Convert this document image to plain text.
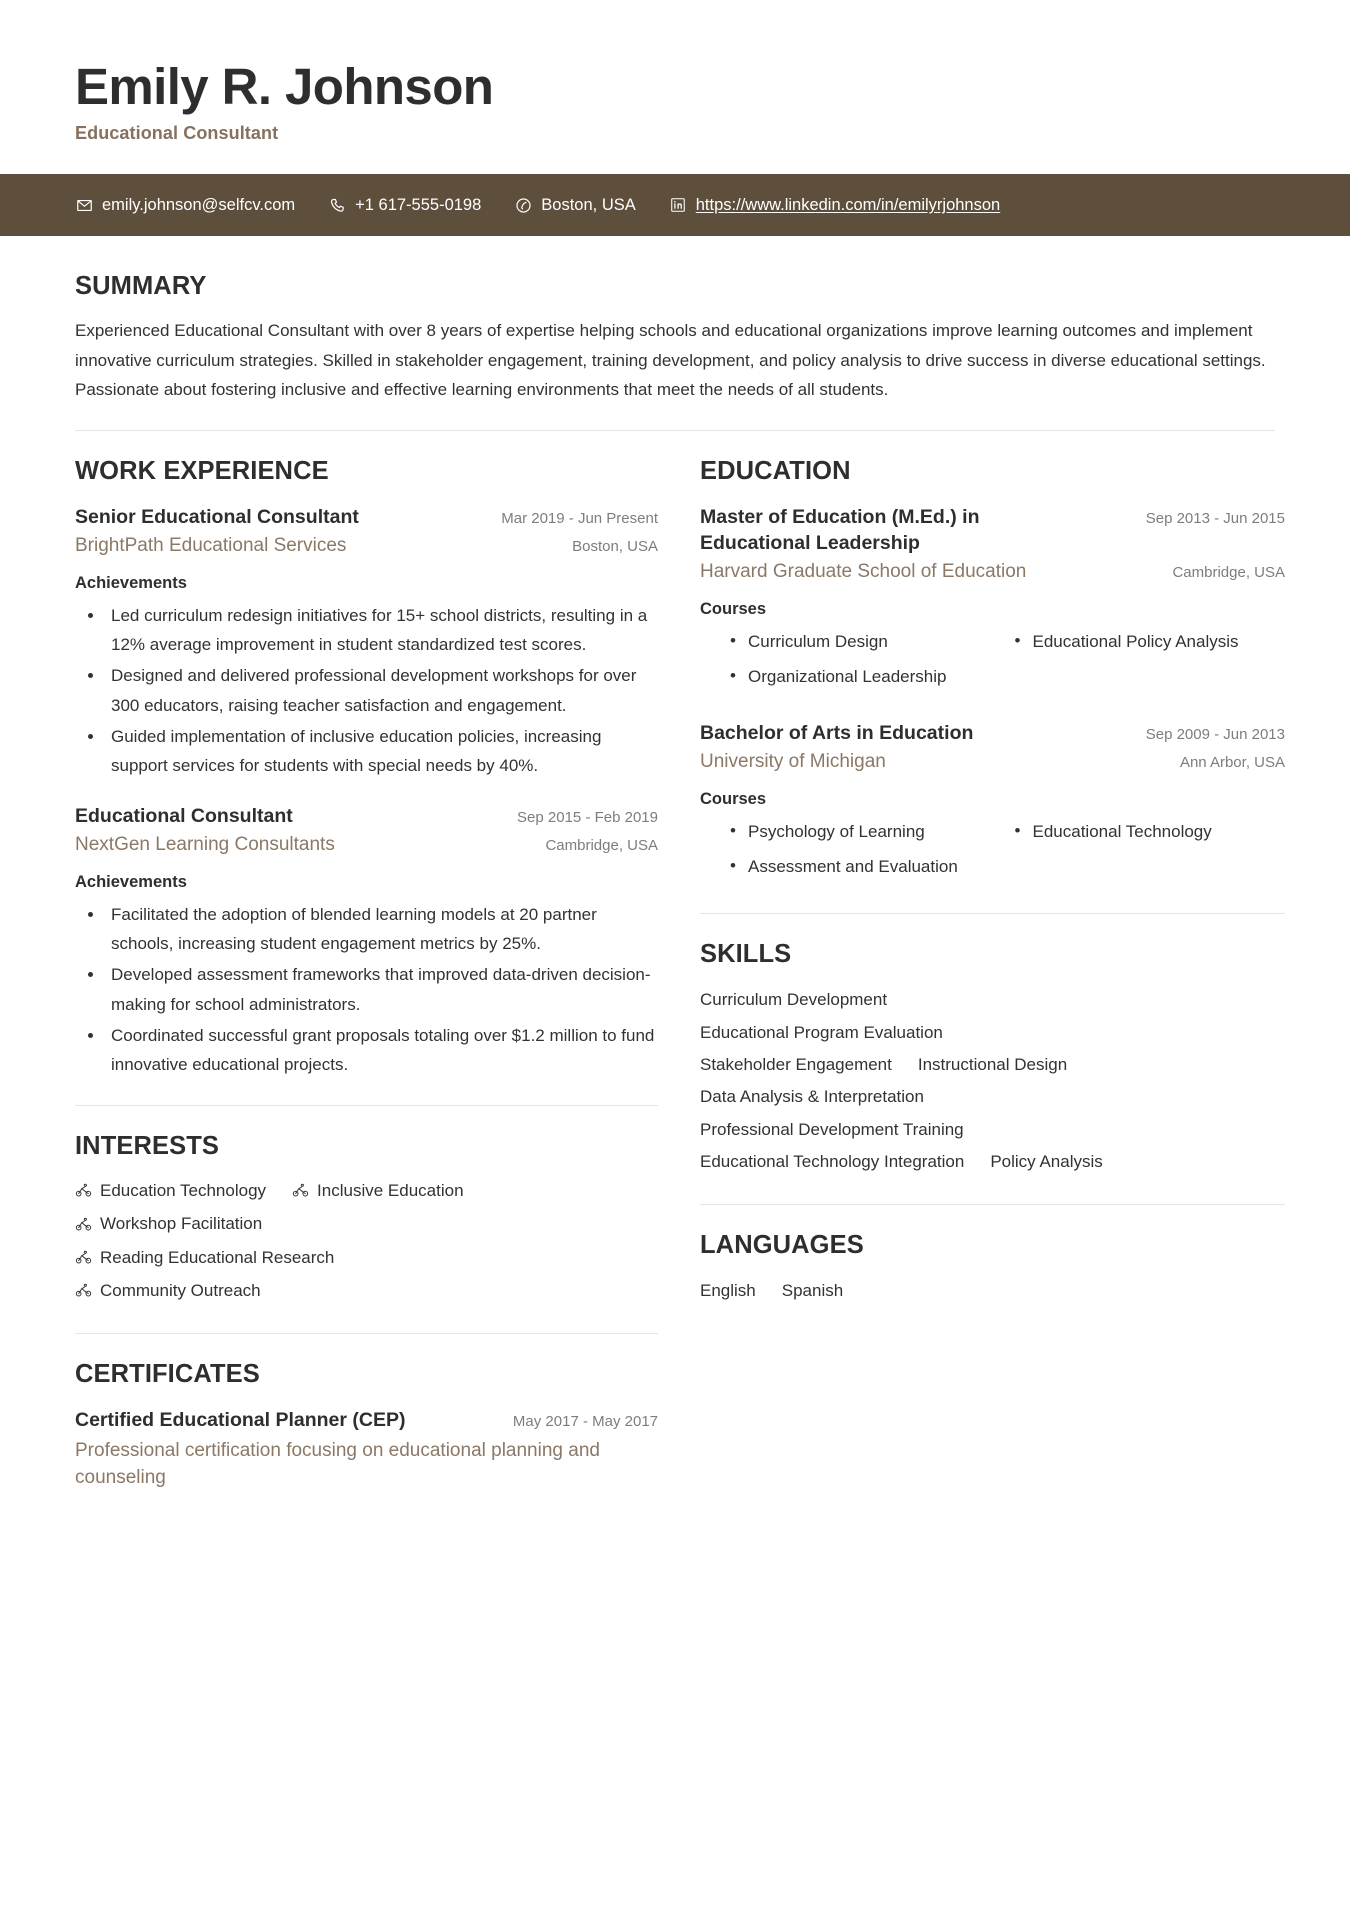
Emily R. Johnson
Educational Consultant
emily.johnson@selfcv.com	+1 617-555-0198	Boston, USA	https://www.linkedin.com/in/emilyrjohnson
SUMMARY

Experienced Educational Consultant with over 8 years of expertise helping schools and educational organizations improve learning outcomes and implement innovative curriculum strategies. Skilled in stakeholder engagement, training development, and policy analysis to drive success in diverse educational settings. Passionate about fostering inclusive and effective learning environments that meet the needs of all students.

WORK EXPERIENCE
Senior Educational Consultant	Mar 2019 - Jun Present
BrightPath Educational Services	Boston, USA
Achievements
• Led curriculum redesign initiatives for 15+ school districts, resulting in a 12% average improvement in student standardized test scores.
• Designed and delivered professional development workshops for over 300 educators, raising teacher satisfaction and engagement.
• Guided implementation of inclusive education policies, increasing support services for students with special needs by 40%.
Educational Consultant	Sep 2015 - Feb 2019
NextGen Learning Consultants	Cambridge, USA
Achievements
• Facilitated the adoption of blended learning models at 20 partner schools, increasing student engagement metrics by 25%.
• Developed assessment frameworks that improved data-driven decision-making for school administrators.
• Coordinated successful grant proposals totaling over $1.2 million to fund innovative educational projects.
INTERESTS
Education Technology	Inclusive Education
Workshop Facilitation
Reading Educational Research
Community Outreach
CERTIFICATES
Certified Educational Planner (CEP)	May 2017 - May 2017
Professional certification focusing on educational planning and counseling
EDUCATION
Master of Education (M.Ed.) in Educational Leadership
Sep 2013 - Jun 2015
Harvard Graduate School of Education	Cambridge, USA
Courses
• Curriculum Design	• Educational Policy Analysis
• Organizational Leadership
Bachelor of Arts in Education	Sep 2009 - Jun 2013
University of Michigan	Ann Arbor, USA
Courses
• Psychology of Learning	• Educational Technology
• Assessment and Evaluation
SKILLS
Curriculum Development
Educational Program Evaluation
Stakeholder Engagement Instructional Design
Data Analysis & Interpretation
Professional Development Training
Educational Technology Integration Policy Analysis
LANGUAGES
English Spanish
